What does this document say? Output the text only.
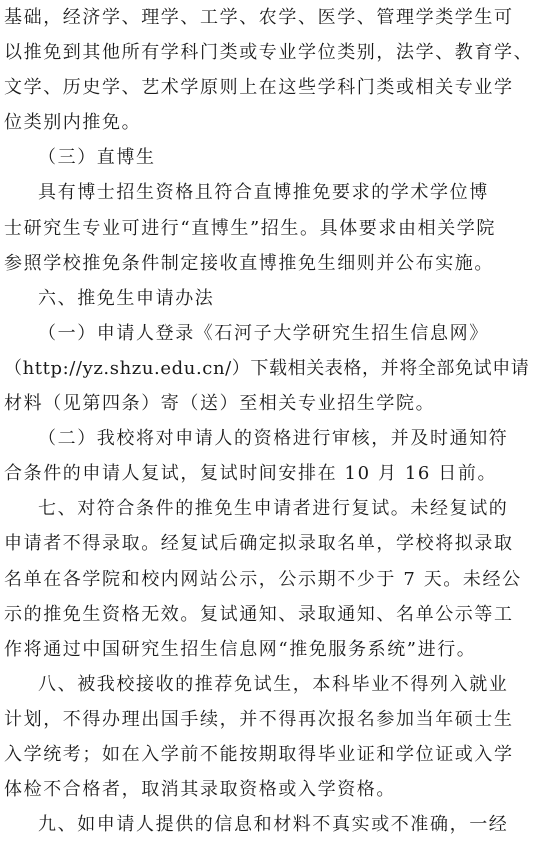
基础，经济学、理学、工学、农学、医学、管理学类学生可
以推免到其他所有学科门类或专业学位类别，法学、教育学、
文学、历史学、艺术学原则上在这些学科门类或相关专业学
位类别内推免。
（三）直博生
具有博士招生资格且符合直博推免要求的学术学位博
士研究生专业可进行“直博生”招生。具体要求由相关学院
参照学校推免条件制定接收直博推免生细则并公布实施。
六、推免生申请办法
（一）申请人登录《石河子大学研究生招生信息网》
（http://yz.shzu.edu.cn/）下载相关表格，并将全部免试申请
材料（见第四条）寄（送）至相关专业招生学院。
（二）我校将对申请人的资格进行审核，并及时通知符
合条件的申请人复试，复试时间安排在 10 月 16 日前。
七、对符合条件的推免生申请者进行复试。未经复试的
申请者不得录取。经复试后确定拟录取名单，学校将拟录取
名单在各学院和校内网站公示，公示期不少于 7 天。未经公
示的推免生资格无效。复试通知、录取通知、名单公示等工
作将通过中国研究生招生信息网“推免服务系统”进行。
八、被我校接收的推荐免试生，本科毕业不得列入就业
计划，不得办理出国手续，并不得再次报名参加当年硕士生
入学统考；如在入学前不能按期取得毕业证和学位证或入学
体检不合格者，取消其录取资格或入学资格。
九、如申请人提供的信息和材料不真实或不准确，一经
